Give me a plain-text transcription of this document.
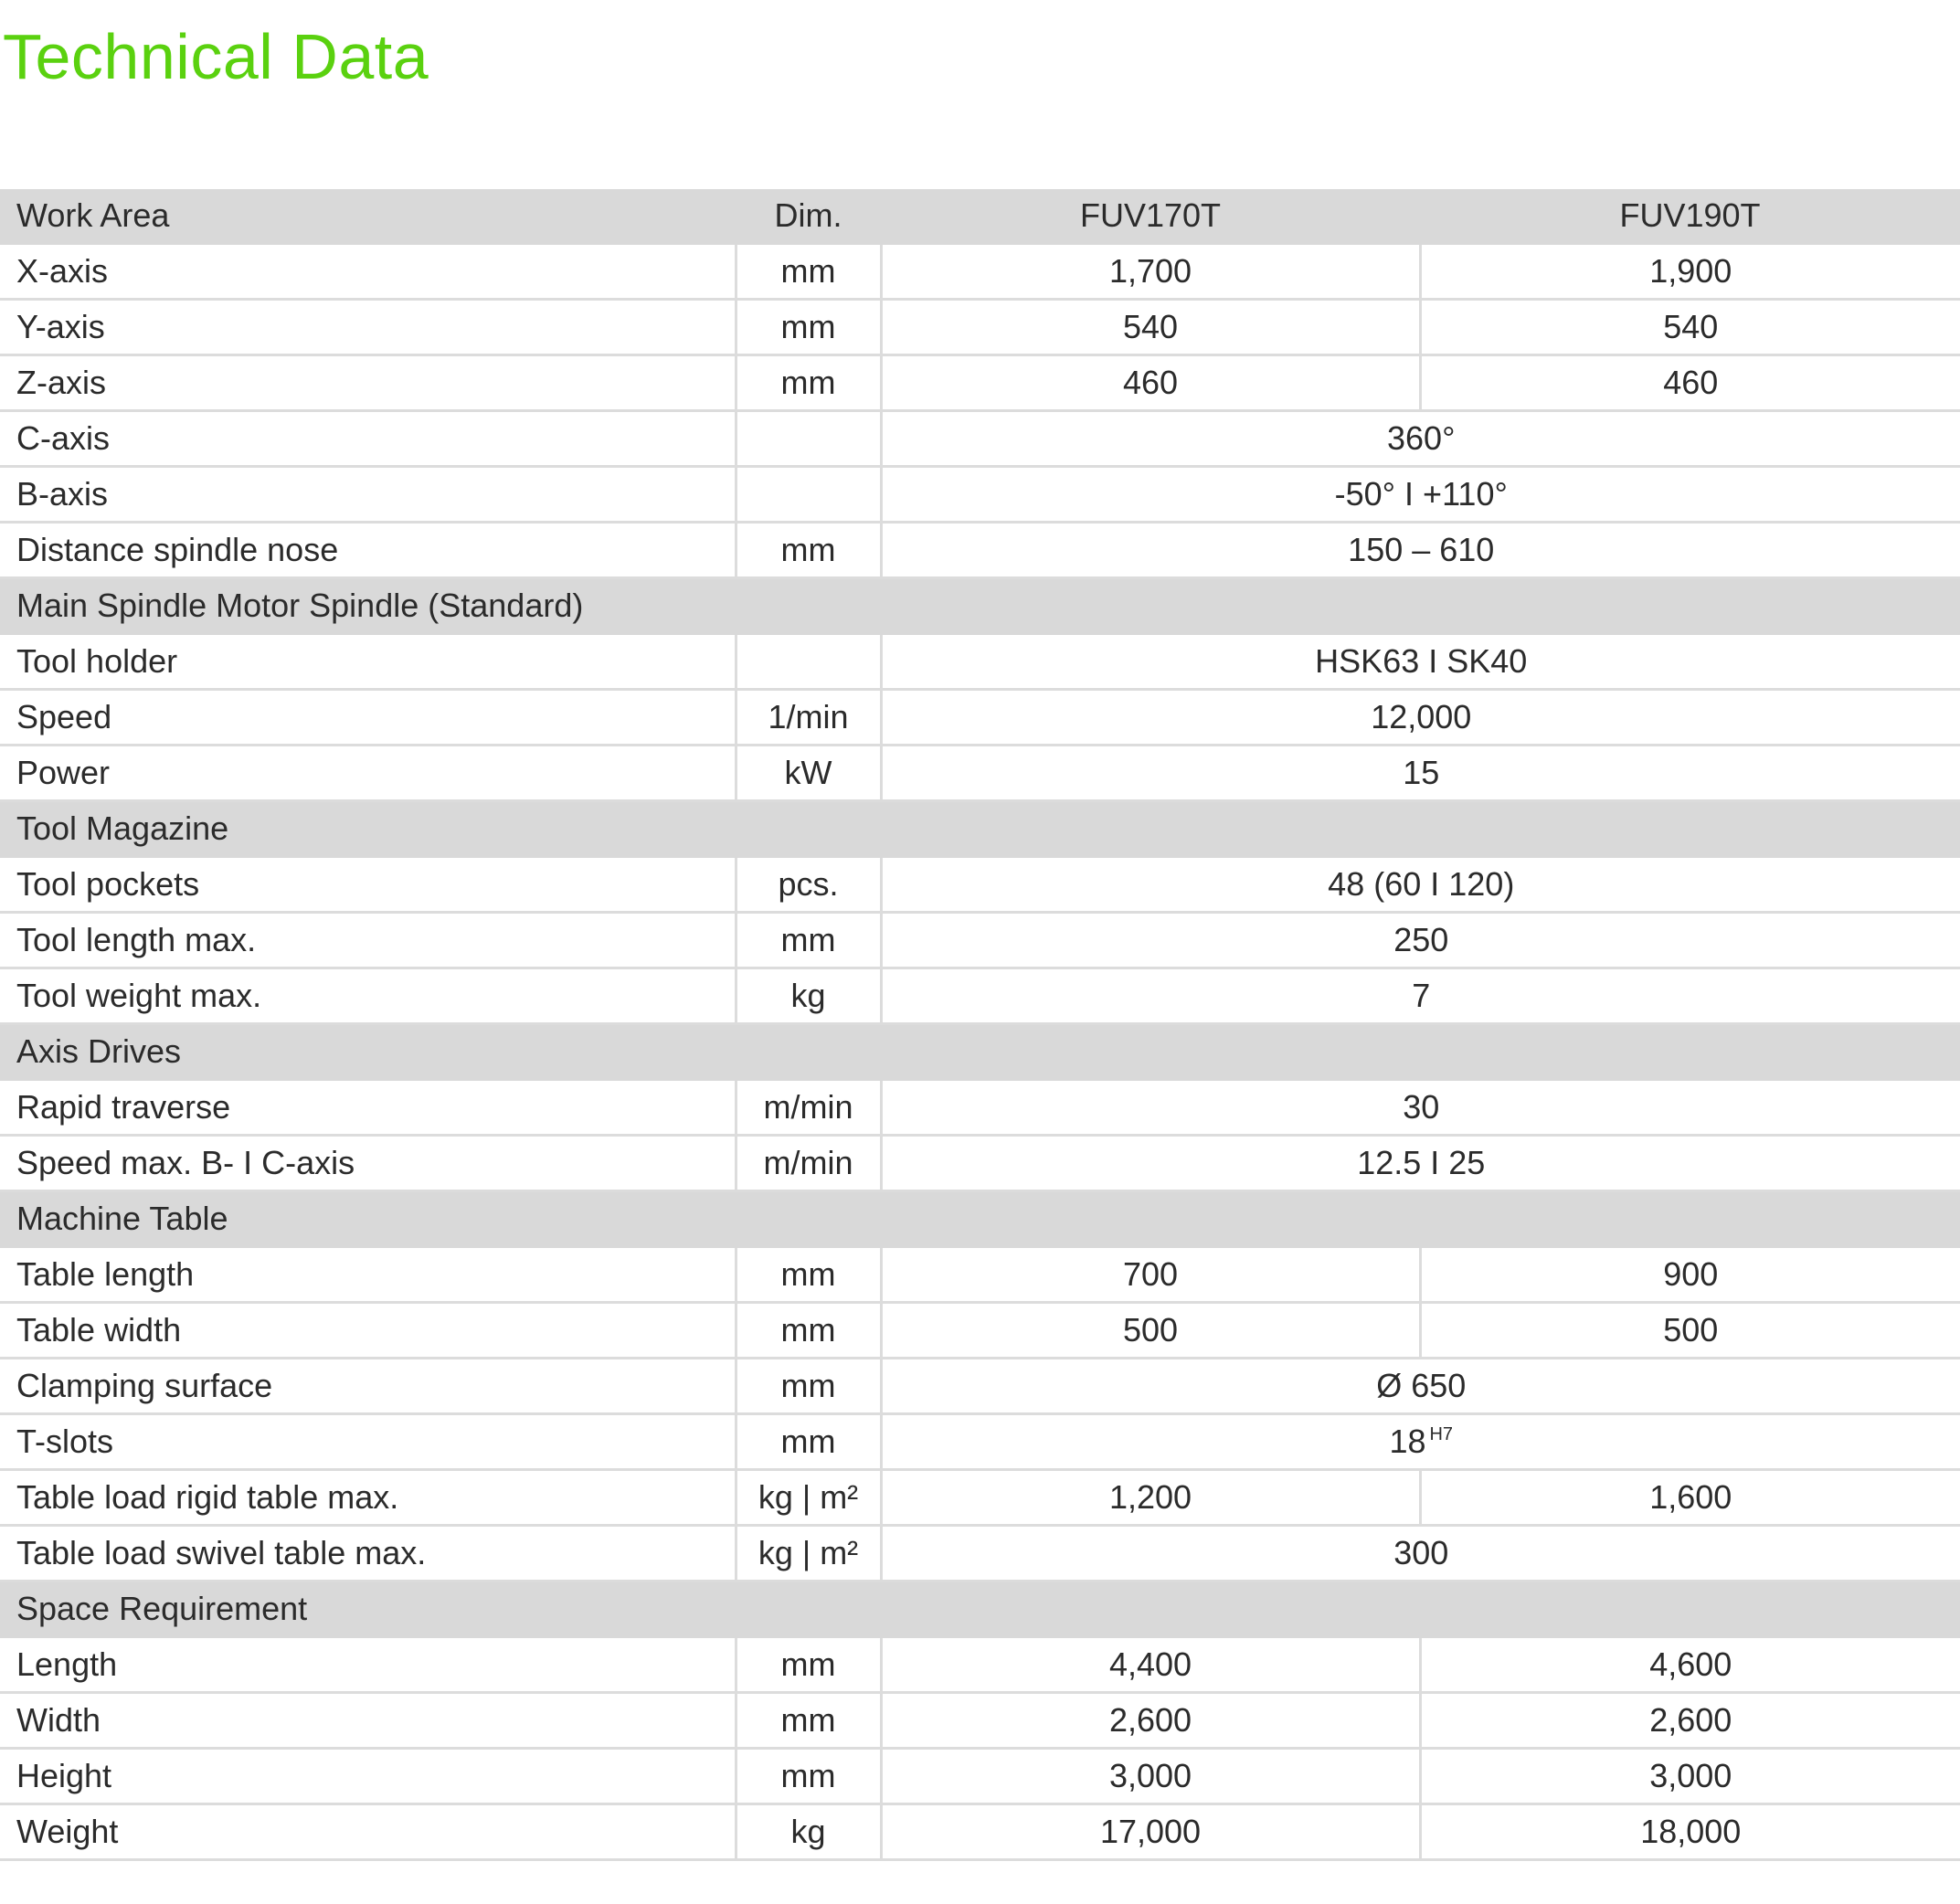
Technical Data
Work Area	Dim.	FUV170T	FUV190T
X-axis	mm	1,700	1,900
Y-axis	mm	540	540
Z-axis	mm	460	460
C-axis		360°	
B-axis		-50° I +110°	
Distance spindle nose	mm	150 – 610	
Main Spindle Motor Spindle (Standard)			
Tool holder		HSK63 I SK40	
Speed	1/min	12,000	
Power	kW	15	
Tool Magazine			
Tool pockets	pcs.	48 (60 I 120)	
Tool length max.	mm	250	
Tool weight max.	kg	7	
Axis Drives			
Rapid traverse	m/min	30	
Speed max. B- I C-axis	m/min	12.5 I 25	
Machine Table			
Table length	mm	700	900
Table width	mm	500	500
Clamping surface	mm	Ø 650	
T-slots	mm	18 $^{H7}$
Table load rigid table max.	kg | m²	1,200	1,600
Table load swivel table max.	kg | m²	300	
Space Requirement			
Length	mm	4,400	4,600
Width	mm	2,600	2,600
Height	mm	3,000	3,000
Weight	kg	17,000	18,000
